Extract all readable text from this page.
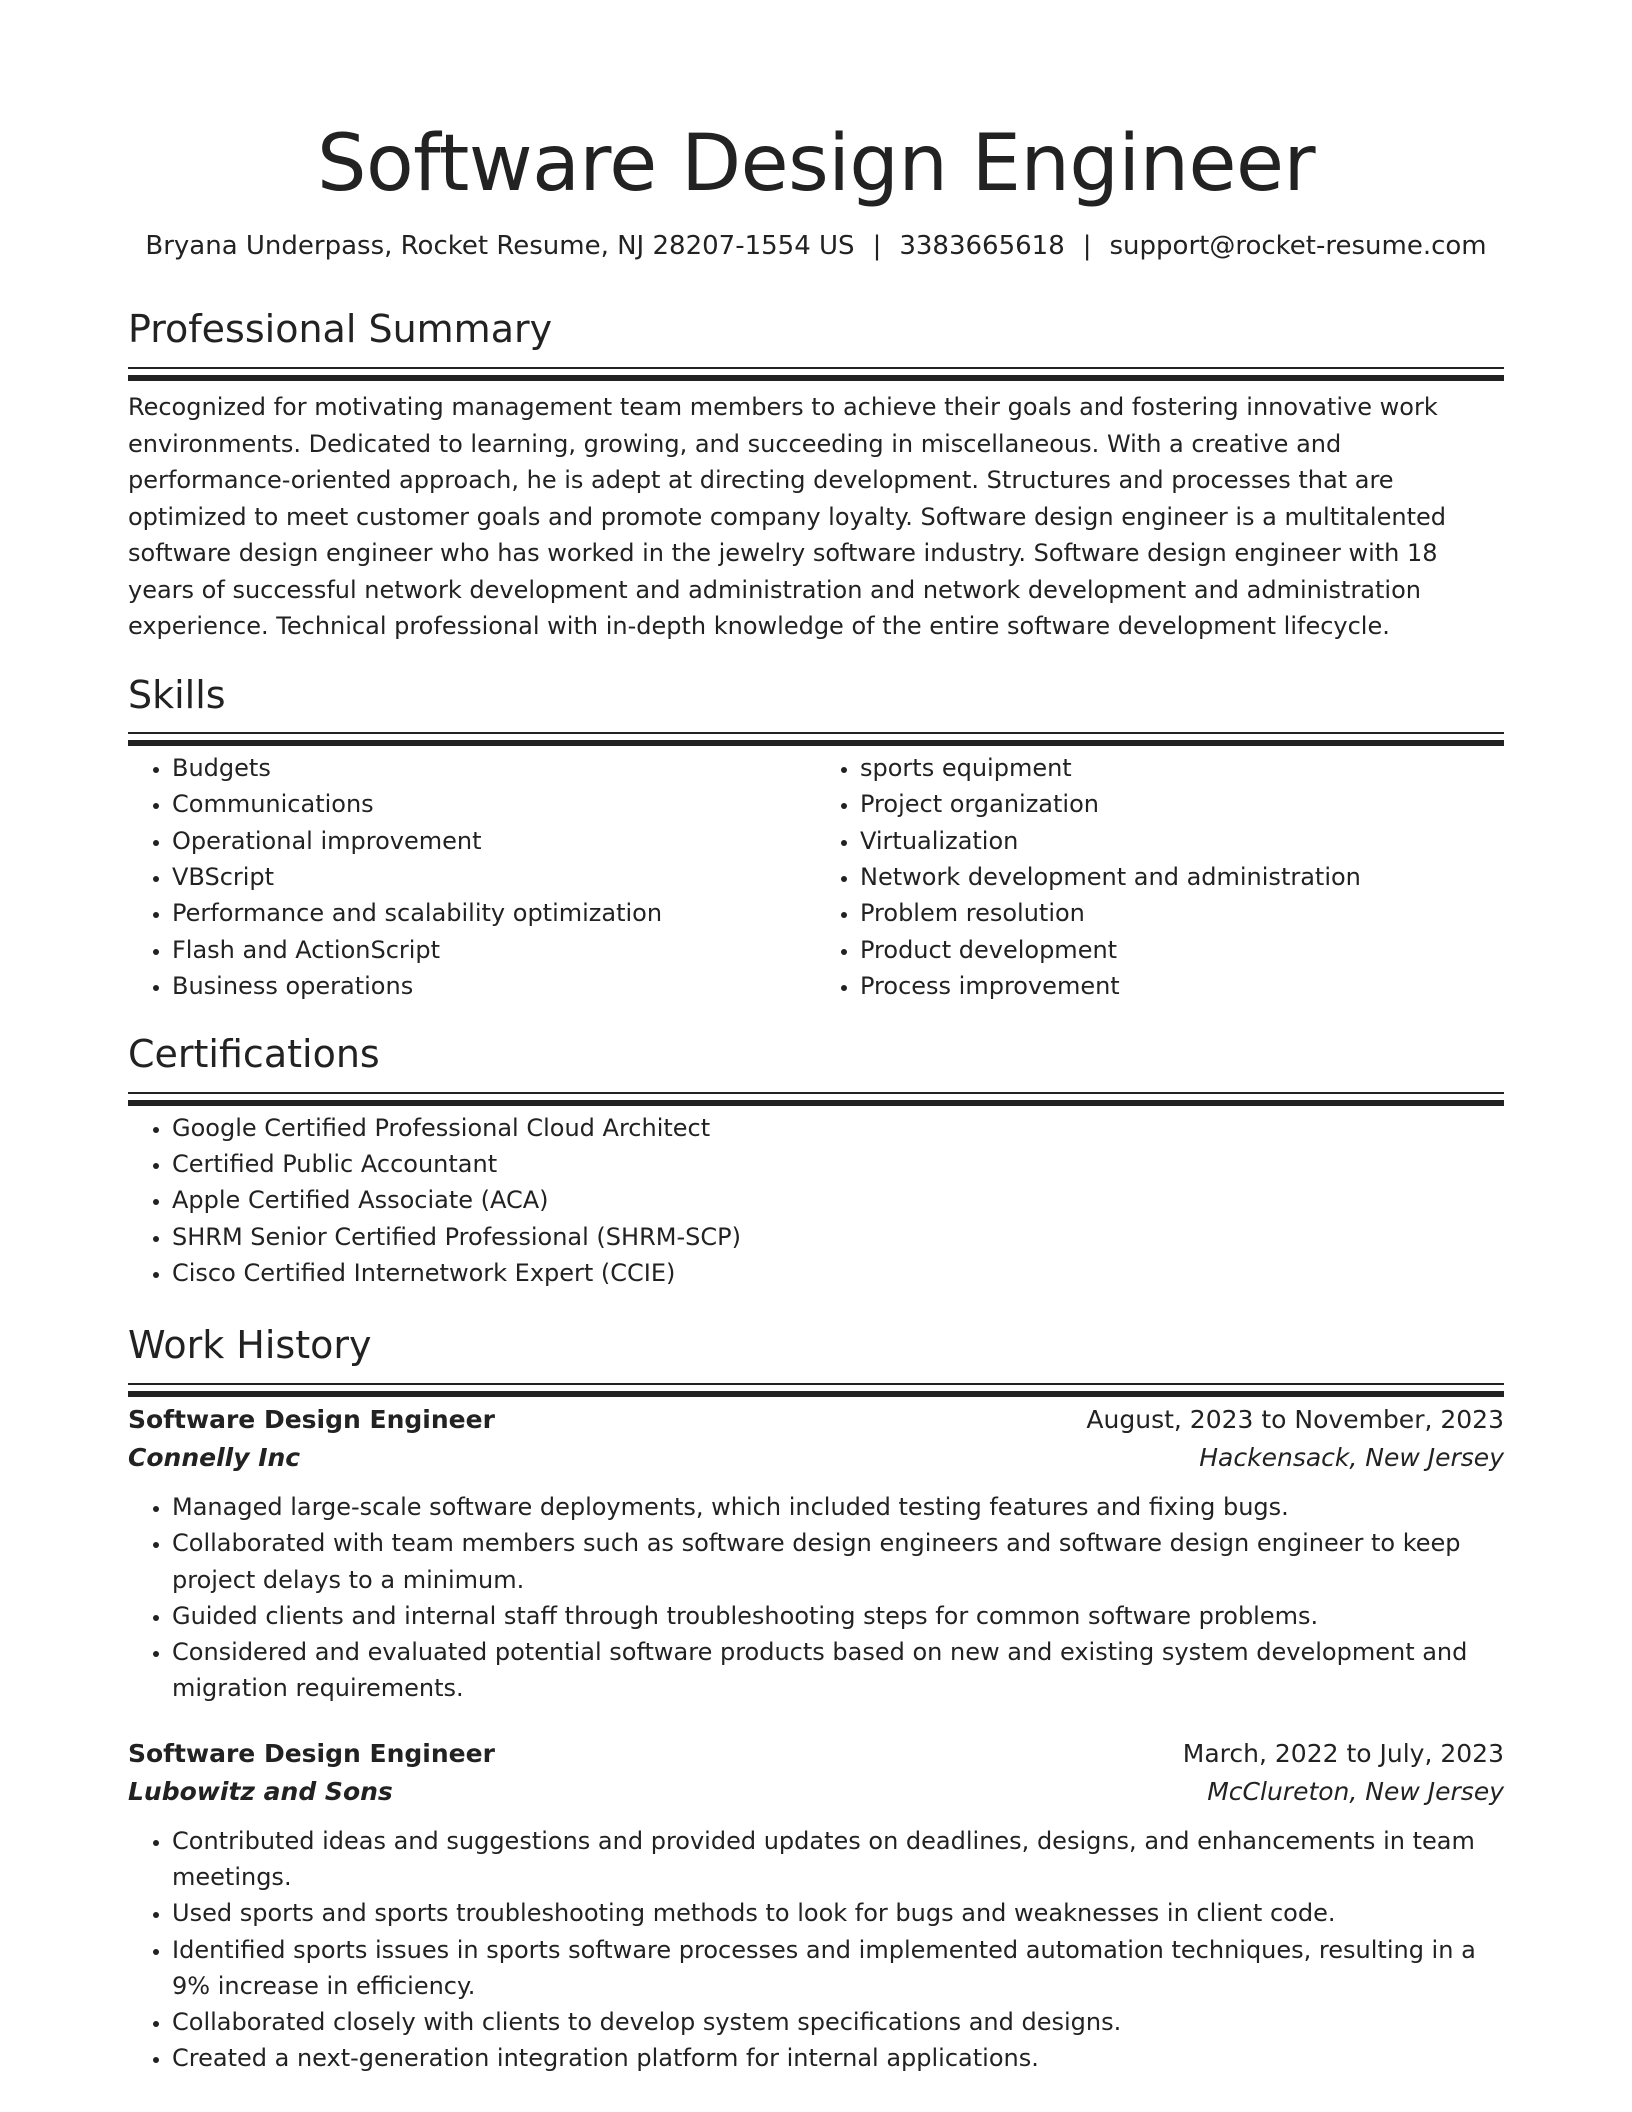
Software Design Engineer
Bryana Underpass, Rocket Resume, NJ 28207-1554 US | 3383665618 | support@rocket-resume.com
Professional Summary

Recognized for motivating management team members to achieve their goals and fostering innovative work environments. Dedicated to learning, growing, and succeeding in miscellaneous. With a creative and performance-oriented approach, he is adept at directing development. Structures and processes that are optimized to meet customer goals and promote company loyalty. Software design engineer is a multitalented software design engineer who has worked in the jewelry software industry. Software design engineer with 18 years of successful network development and administration and network development and administration experience. Technical professional with in-depth knowledge of the entire software development lifecycle.

Skills
• Budgets
• Communications
• Operational improvement
• VBScript
• Performance and scalability optimization
• Flash and ActionScript
• Business operations
• sports equipment
• Project organization
• Virtualization
• Network development and administration
• Problem resolution
• Product development
• Process improvement
Certifications
• Google Certified Professional Cloud Architect
• Certified Public Accountant
• Apple Certified Associate (ACA)
• SHRM Senior Certified Professional (SHRM-SCP)
• Cisco Certified Internetwork Expert (CCIE)
Work History
Software Design Engineer	August, 2023 to November, 2023
Connelly Inc	Hackensack, New Jersey
• Managed large-scale software deployments, which included testing features and fixing bugs.
• Collaborated with team members such as software design engineers and software design engineer to keep project delays to a minimum.
• Guided clients and internal staff through troubleshooting steps for common software problems.
• Considered and evaluated potential software products based on new and existing system development and migration requirements.
Software Design Engineer	March, 2022 to July, 2023
Lubowitz and Sons	McClureton, New Jersey
• Contributed ideas and suggestions and provided updates on deadlines, designs, and enhancements in team meetings.
• Used sports and sports troubleshooting methods to look for bugs and weaknesses in client code.
• Identified sports issues in sports software processes and implemented automation techniques, resulting in a 9% increase in efficiency.
• Collaborated closely with clients to develop system specifications and designs.
• Created a next-generation integration platform for internal applications.
